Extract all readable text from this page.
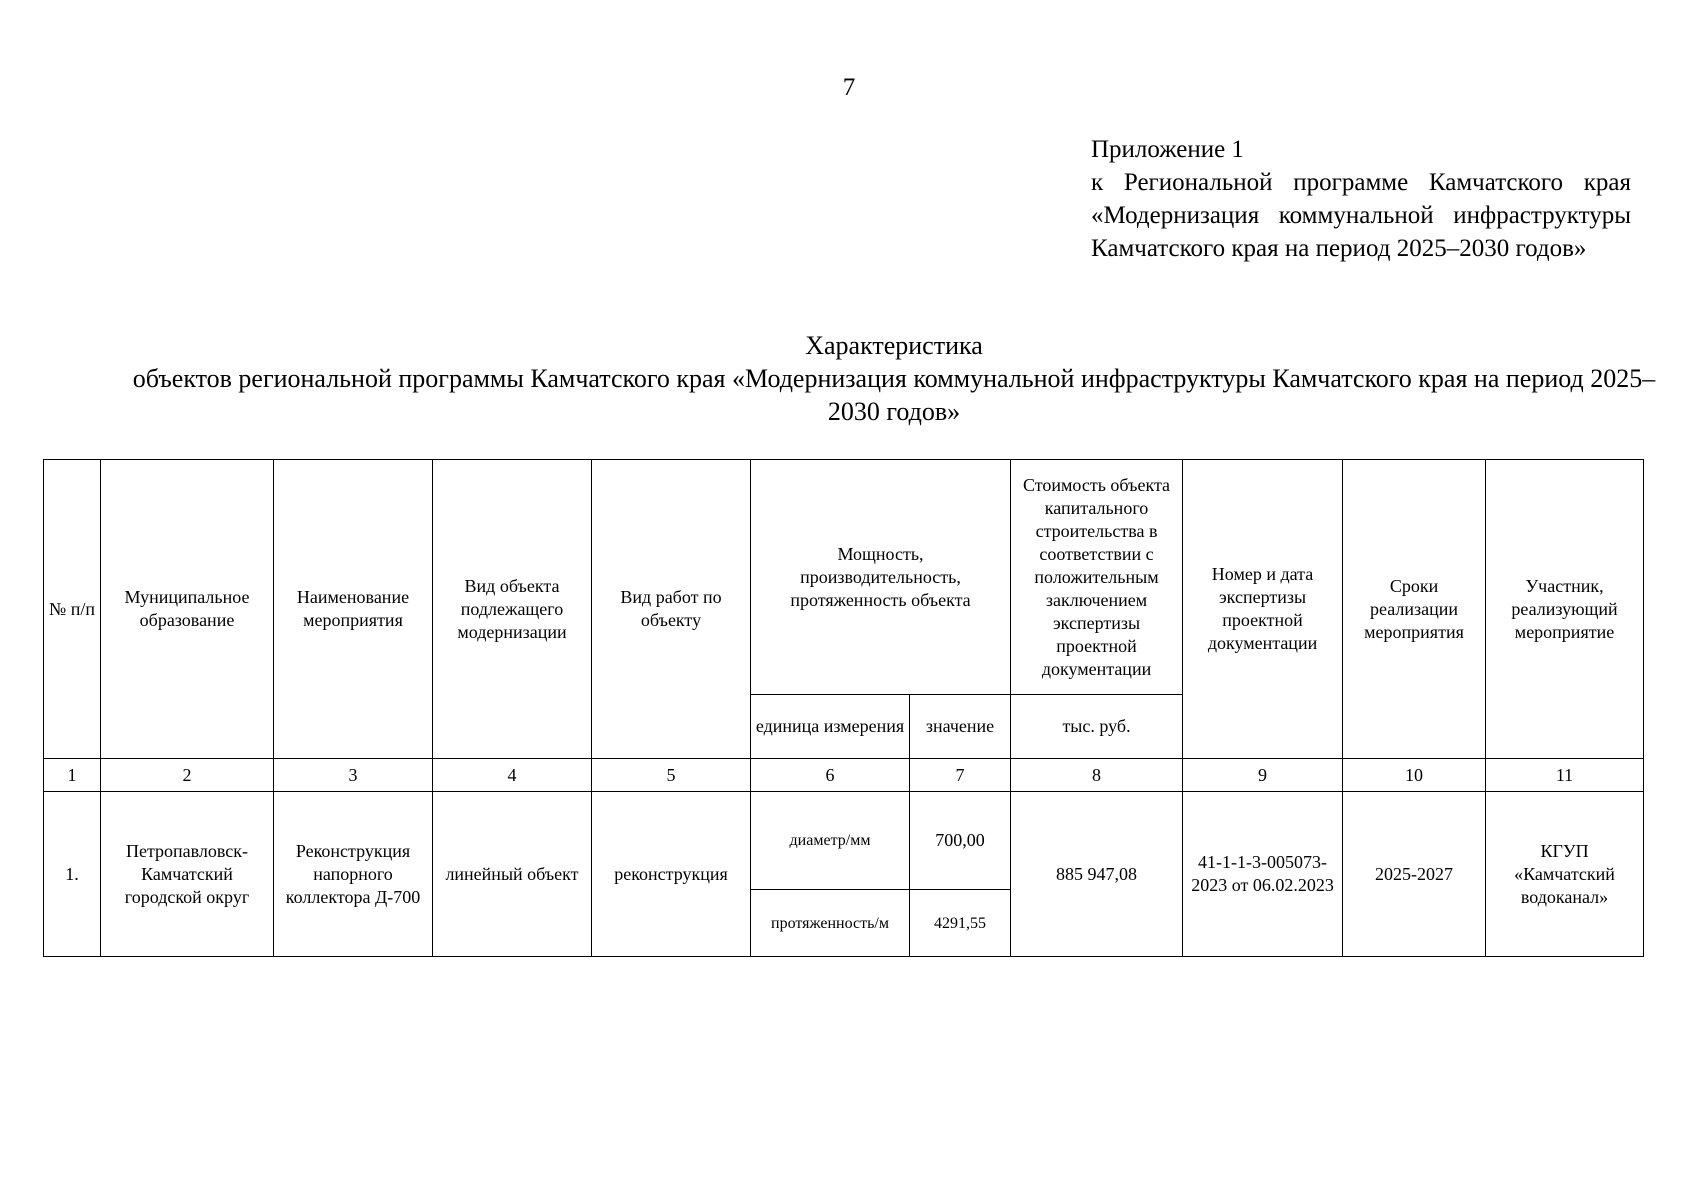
7
Приложение 1
к Региональной программе Камчатского края «Модернизация коммунальной инфраструктуры Камчатского края на период 2025–2030 годов»
Характеристика
объектов региональной программы Камчатского края «Модернизация коммунальной инфраструктуры Камчатского края на период 2025–2030 годов»
№ п/п	Муниципальное образование	Наименование мероприятия	Вид объекта подлежащего модернизации	Вид работ по объекту	Мощность, производительность, протяженность объекта		Стоимость объекта капитального строительства в соответствии с положительным заключением экспертизы проектной документации	Номер и дата экспертизы проектной документации	Сроки реализации мероприятия	Участник, реализующий мероприятие
					единица измерения	значение	тыс. руб.			
1	2	3	4	5	6	7	8	9	10	11
1.	Петропавловск-Камчатский городской округ	Реконструкция напорного коллектора Д-700	линейный объект	реконструкция	диаметр/мм	700,00	885 947,08	41-1-1-3-005073-2023 от 06.02.2023	2025-2027	КГУП «Камчатский водоканал»
					протяженность/м	4291,55				
